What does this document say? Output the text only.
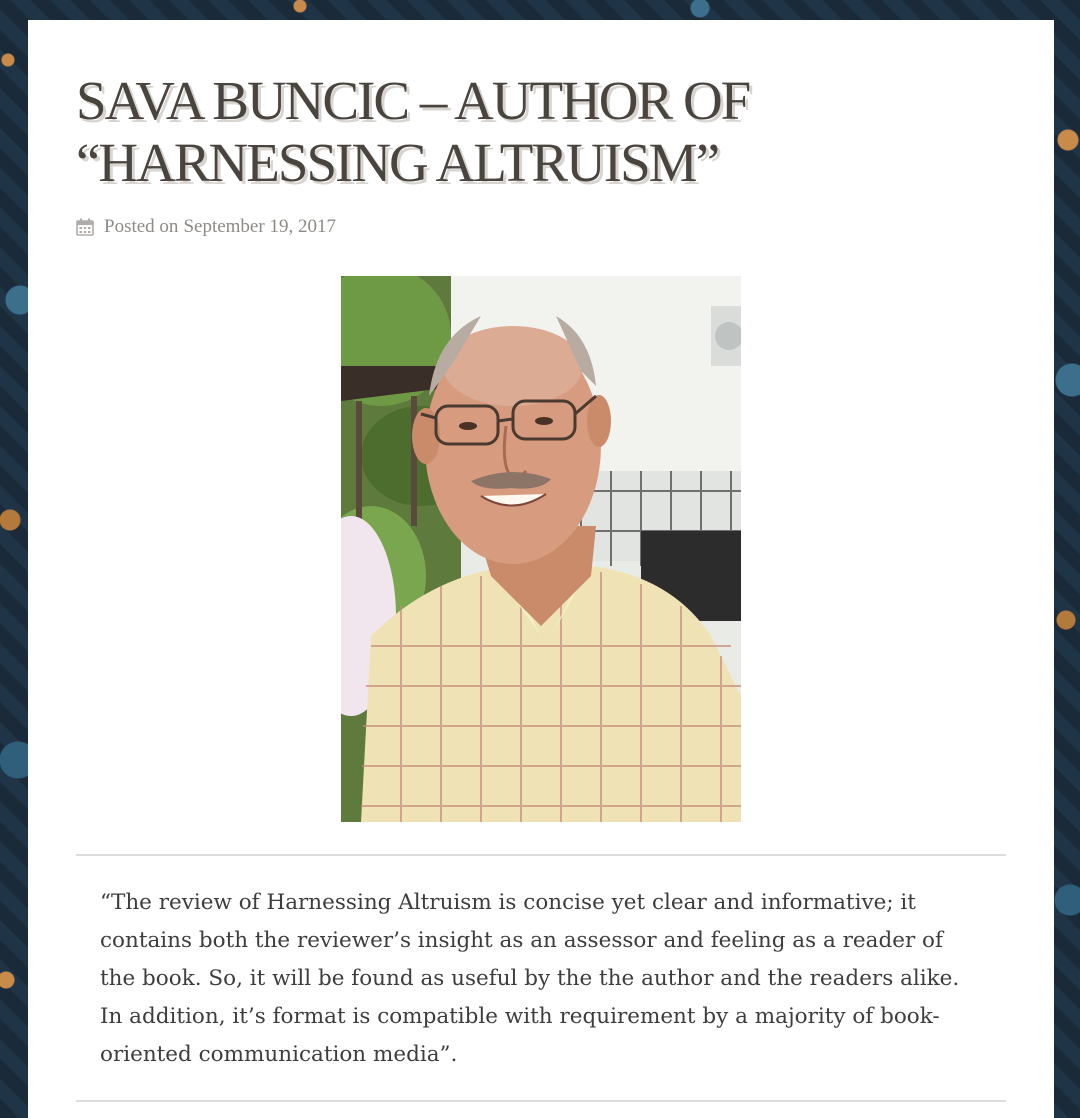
SAVA BUNCIC – AUTHOR OF
“HARNESSING ALTRUISM”
Posted on September 19, 2017
“The review of Harnessing Altruism is concise yet clear and informative; it contains both the reviewer’s insight as an assessor and feeling as a reader of the book. So, it will be found as useful by the the author and the readers alike. In addition, it’s format is compatible with requirement by a majority of book-oriented communication media”.
